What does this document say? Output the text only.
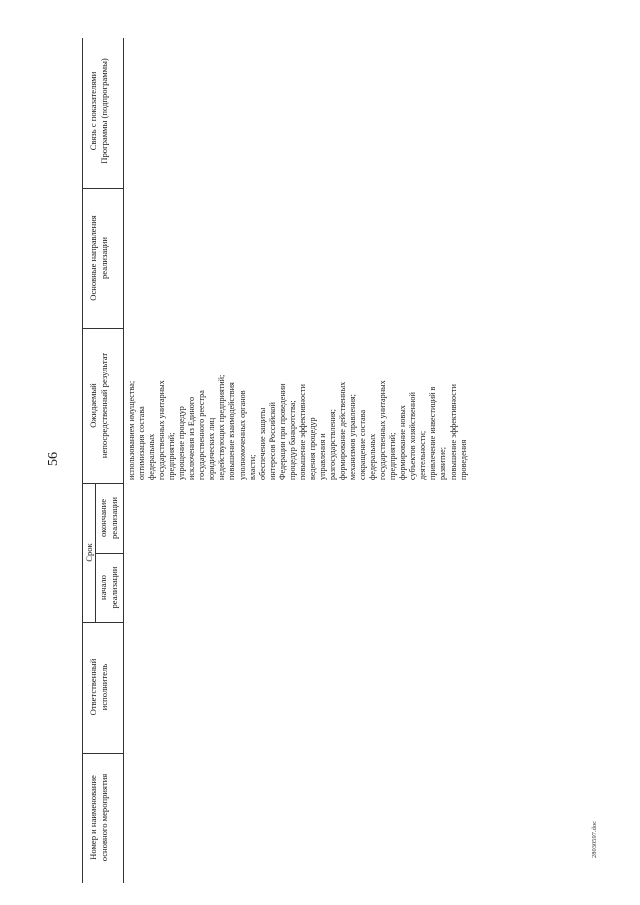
56
28030597.doc
Номер и наименование основного мероприятия
Ответственный исполнитель
Срок
начало реализации
окончание реализации
Ожидаемый непосредственный результат
Основные направления реализации
Связь с показателями Программы (подпрограммы)
использованием имущества; оптимизация состава федеральных государственных унитарных предприятий; упрощение процедур исключения из Единого государственного реестра юридических лиц недействующих предприятий; повышение взаимодействия уполномоченных органов власти; обеспечение защиты интересов Российской Федерации при проведении процедур банкротства; повышение эффективности ведения процедур управления и разгосударствления; формирование действенных механизмов управления; сокращение состава федеральных государственных унитарных предприятий; формирование новых субъектов хозяйственной деятельности; привлечение инвестиций в развитие; повышение эффективности проведения
